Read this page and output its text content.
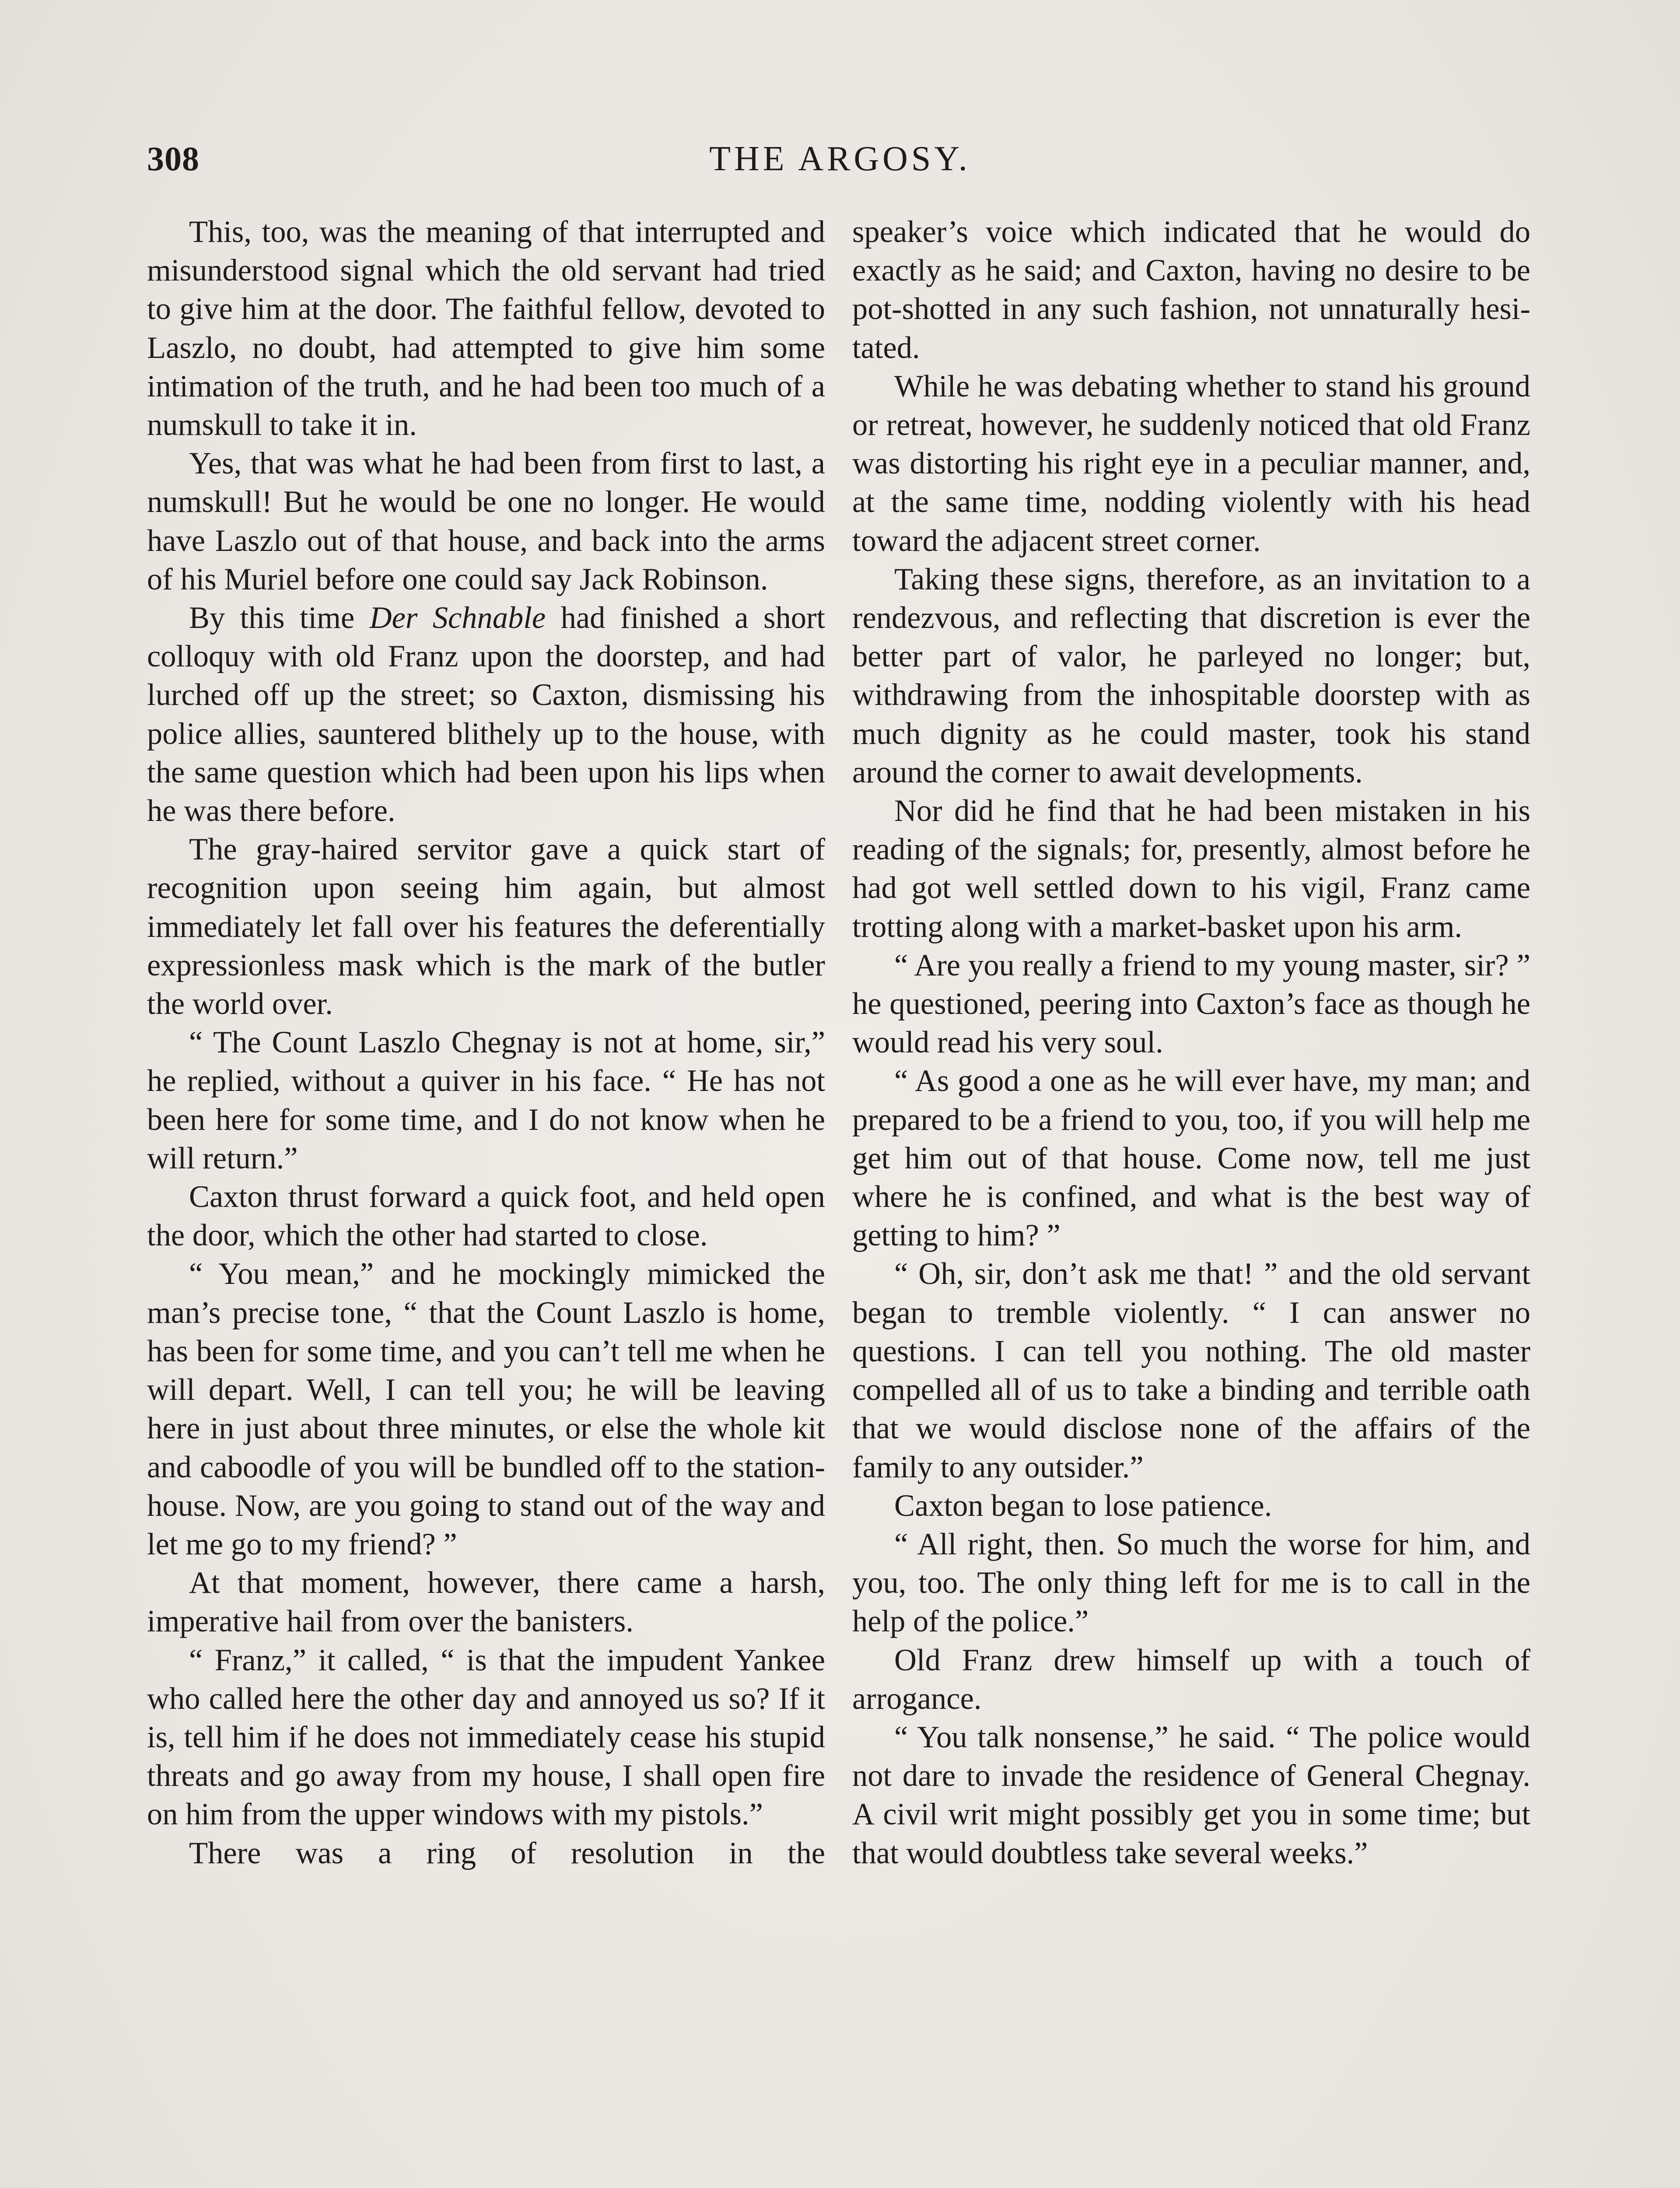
308	THE ARGOSY.

This, too, was the meaning of that interrupted and misunderstood signal which the old servant had tried to give him at the door. The faithful fellow, devoted to Laszlo, no doubt, had attempted to give him some intimation of the truth, and he had been too much of a numskull to take it in.

Yes, that was what he had been from first to last, a numskull! But he would be one no longer. He would have Laszlo out of that house, and back into the arms of his Muriel before one could say Jack Robinson.

By this time Der Schnable had finished a short colloquy with old Franz upon the doorstep, and had lurched off up the street; so Caxton, dismissing his police allies, sauntered blithely up to the house, with the same question which had been upon his lips when he was there before.

The gray-haired servitor gave a quick start of recognition upon seeing him again, but almost immediately let fall over his features the deferentially expressionless mask which is the mark of the butler the world over.

“ The Count Laszlo Chegnay is not at home, sir,” he replied, without a quiver in his face. “ He has not been here for some time, and I do not know when he will return.”

Caxton thrust forward a quick foot, and held open the door, which the other had started to close.

“ You mean,” and he mockingly mimicked the man’s precise tone, “ that the Count Laszlo is home, has been for some time, and you can’t tell me when he will depart. Well, I can tell you; he will be leaving here in just about three minutes, or else the whole kit and caboodle of you will be bundled off to the station-house. Now, are you going to stand out of the way and let me go to my friend? ”

At that moment, however, there came a harsh, imperative hail from over the banisters.

“ Franz,” it called, “ is that the impudent Yankee who called here the other day and annoyed us so? If it is, tell him if he does not immediately cease his stupid threats and go away from my house, I shall open fire on him from the upper windows with my pistols.”

There was a ring of resolution in the

speaker’s voice which indicated that he would do exactly as he said; and Caxton, having no desire to be pot-shotted in any such fashion, not unnaturally hesitated.

While he was debating whether to stand his ground or retreat, however, he suddenly noticed that old Franz was distorting his right eye in a peculiar manner, and, at the same time, nodding violently with his head toward the adjacent street corner.

Taking these signs, therefore, as an invitation to a rendezvous, and reflecting that discretion is ever the better part of valor, he parleyed no longer; but, withdrawing from the inhospitable doorstep with as much dignity as he could master, took his stand around the corner to await developments.

Nor did he find that he had been mistaken in his reading of the signals; for, presently, almost before he had got well settled down to his vigil, Franz came trotting along with a market-basket upon his arm.

“ Are you really a friend to my young master, sir? ” he questioned, peering into Caxton’s face as though he would read his very soul.

“ As good a one as he will ever have, my man; and prepared to be a friend to you, too, if you will help me get him out of that house. Come now, tell me just where he is confined, and what is the best way of getting to him? ”

“ Oh, sir, don’t ask me that! ” and the old servant began to tremble violently. “ I can answer no questions. I can tell you nothing. The old master compelled all of us to take a binding and terrible oath that we would disclose none of the affairs of the family to any outsider.”

Caxton began to lose patience.

“ All right, then. So much the worse for him, and you, too. The only thing left for me is to call in the help of the police.”

Old Franz drew himself up with a touch of arrogance.

“ You talk nonsense,” he said. “ The police would not dare to invade the residence of General Chegnay. A civil writ might possibly get you in some time; but that would doubtless take several weeks.”
